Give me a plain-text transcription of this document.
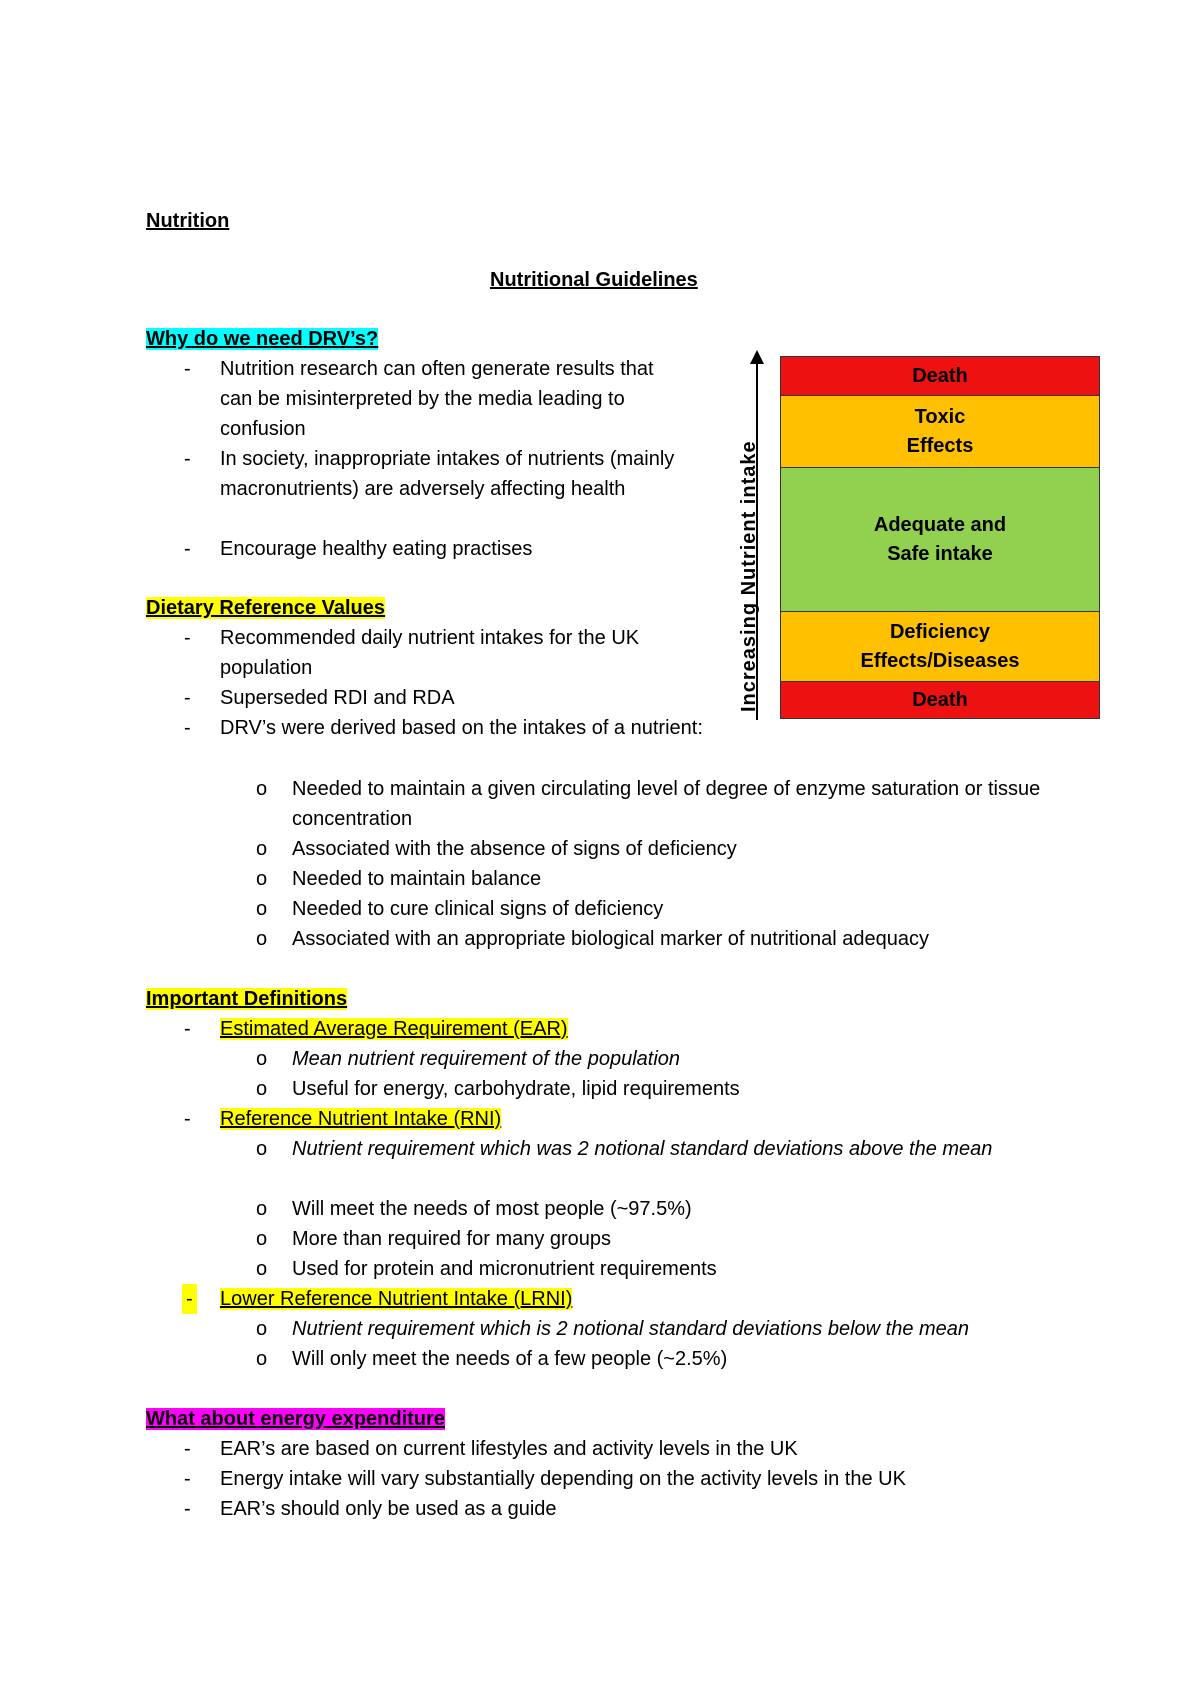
Nutrition
Nutritional Guidelines
Why do we need DRV’s?
- Nutrition research can often generate results that can be misinterpreted by the media leading to confusion
- In society, inappropriate intakes of nutrients (mainly macronutrients) are adversely affecting health
- Encourage healthy eating practises
Dietary Reference Values
- Recommended daily nutrient intakes for the UK population
- Superseded RDI and RDA
- DRV’s were derived based on the intakes of a nutrient:
o Needed to maintain a given circulating level of degree of enzyme saturation or tissue concentration
o Associated with the absence of signs of deficiency
o Needed to maintain balance
o Needed to cure clinical signs of deficiency
o Associated with an appropriate biological marker of nutritional adequacy
Important Definitions
- Estimated Average Requirement (EAR)
o Mean nutrient requirement of the population
o Useful for energy, carbohydrate, lipid requirements
- Reference Nutrient Intake (RNI)
o Nutrient requirement which was 2 notional standard deviations above the mean
o Will meet the needs of most people (~97.5%)
o More than required for many groups
o Used for protein and micronutrient requirements
- Lower Reference Nutrient Intake (LRNI)
o Nutrient requirement which is 2 notional standard deviations below the mean
o Will only meet the needs of a few people (~2.5%)
What about energy expenditure
- EAR’s are based on current lifestyles and activity levels in the UK
- Energy intake will vary substantially depending on the activity levels in the UK
- EAR’s should only be used as a guide
Increasing Nutrient intake
Death
Toxic
Effects
Adequate and
Safe intake
Deficiency
Effects/Diseases
Death
